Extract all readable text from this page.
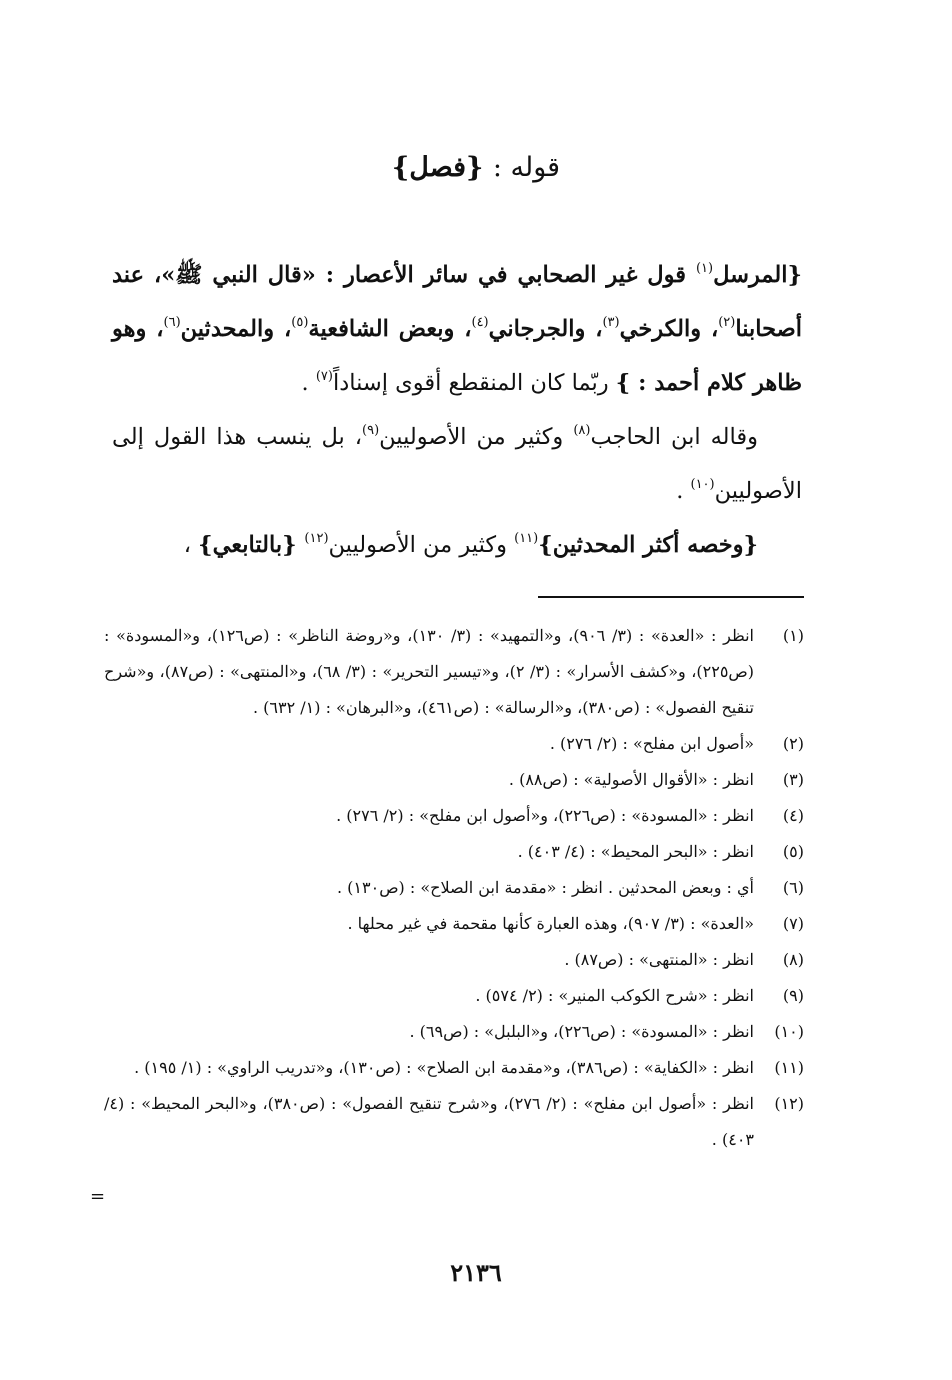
قوله : {فصل}

{المرسل$^{(١)}$ قول غير الصحابي في سائر الأعصار : «قال النبي ﷺ»، عند أصحابنا$^{(٢)}$، والكرخي$^{(٣)}$، والجرجاني$^{(٤)}$، وبعض الشافعية$^{(٥)}$، والمحدثين$^{(٦)}$، وهو ظاهر كلام أحمد : } ربّما كان المنقطع أقوى إسناداً$^{(٧)}$ .

وقاله ابن الحاجب$^{(٨)}$ وكثير من الأصوليين$^{(٩)}$، بل ينسب هذا القول إلى الأصوليين$^{(١٠)}$ .

{وخصه أكثر المحدثين}$^{(١١)}$ وكثير من الأصوليين$^{(١٢)}$ {بالتابعي} ،

(١)
انظر : «العدة» : (٣/ ٩٠٦)، و«التمهيد» : (٣/ ١٣٠)، و«روضة الناظر» : (ص١٢٦)، و«المسودة» : (ص٢٢٥)، و«كشف الأسرار» : (٣/ ٢)، و«تيسير التحرير» : (٣/ ٦٨)، و«المنتهى» : (ص٨٧)، و«شرح تنقيح الفصول» : (ص٣٨٠)، و«الرسالة» : (ص٤٦١)، و«البرهان» : (١/ ٦٣٢) .
(٢)
«أصول ابن مفلح» : (٢/ ٢٧٦) .
(٣)
انظر : «الأقوال الأصولية» : (ص٨٨) .
(٤)
انظر : «المسودة» : (ص٢٢٦)، و«أصول ابن مفلح» : (٢/ ٢٧٦) .
(٥)
انظر : «البحر المحيط» : (٤/ ٤٠٣) .
(٦)
أي : وبعض المحدثين . انظر : «مقدمة ابن الصلاح» : (ص١٣٠) .
(٧)
«العدة» : (٣/ ٩٠٧)، وهذه العبارة كأنها مقحمة في غير محلها .
(٨)
انظر : «المنتهى» : (ص٨٧) .
(٩)
انظر : «شرح الكوكب المنير» : (٢/ ٥٧٤) .
(١٠)
انظر : «المسودة» : (ص٢٢٦)، و«البلبل» : (ص٦٩) .
(١١)
انظر : «الكفاية» : (ص٣٨٦)، و«مقدمة ابن الصلاح» : (ص١٣٠)، و«تدريب الراوي» : (١/ ١٩٥) .
(١٢)
انظر : «أصول ابن مفلح» : (٢/ ٢٧٦)، و«شرح تنقيح الفصول» : (ص٣٨٠)، و«البحر المحيط» : (٤/ ٤٠٣) .
=
٢١٣٦
